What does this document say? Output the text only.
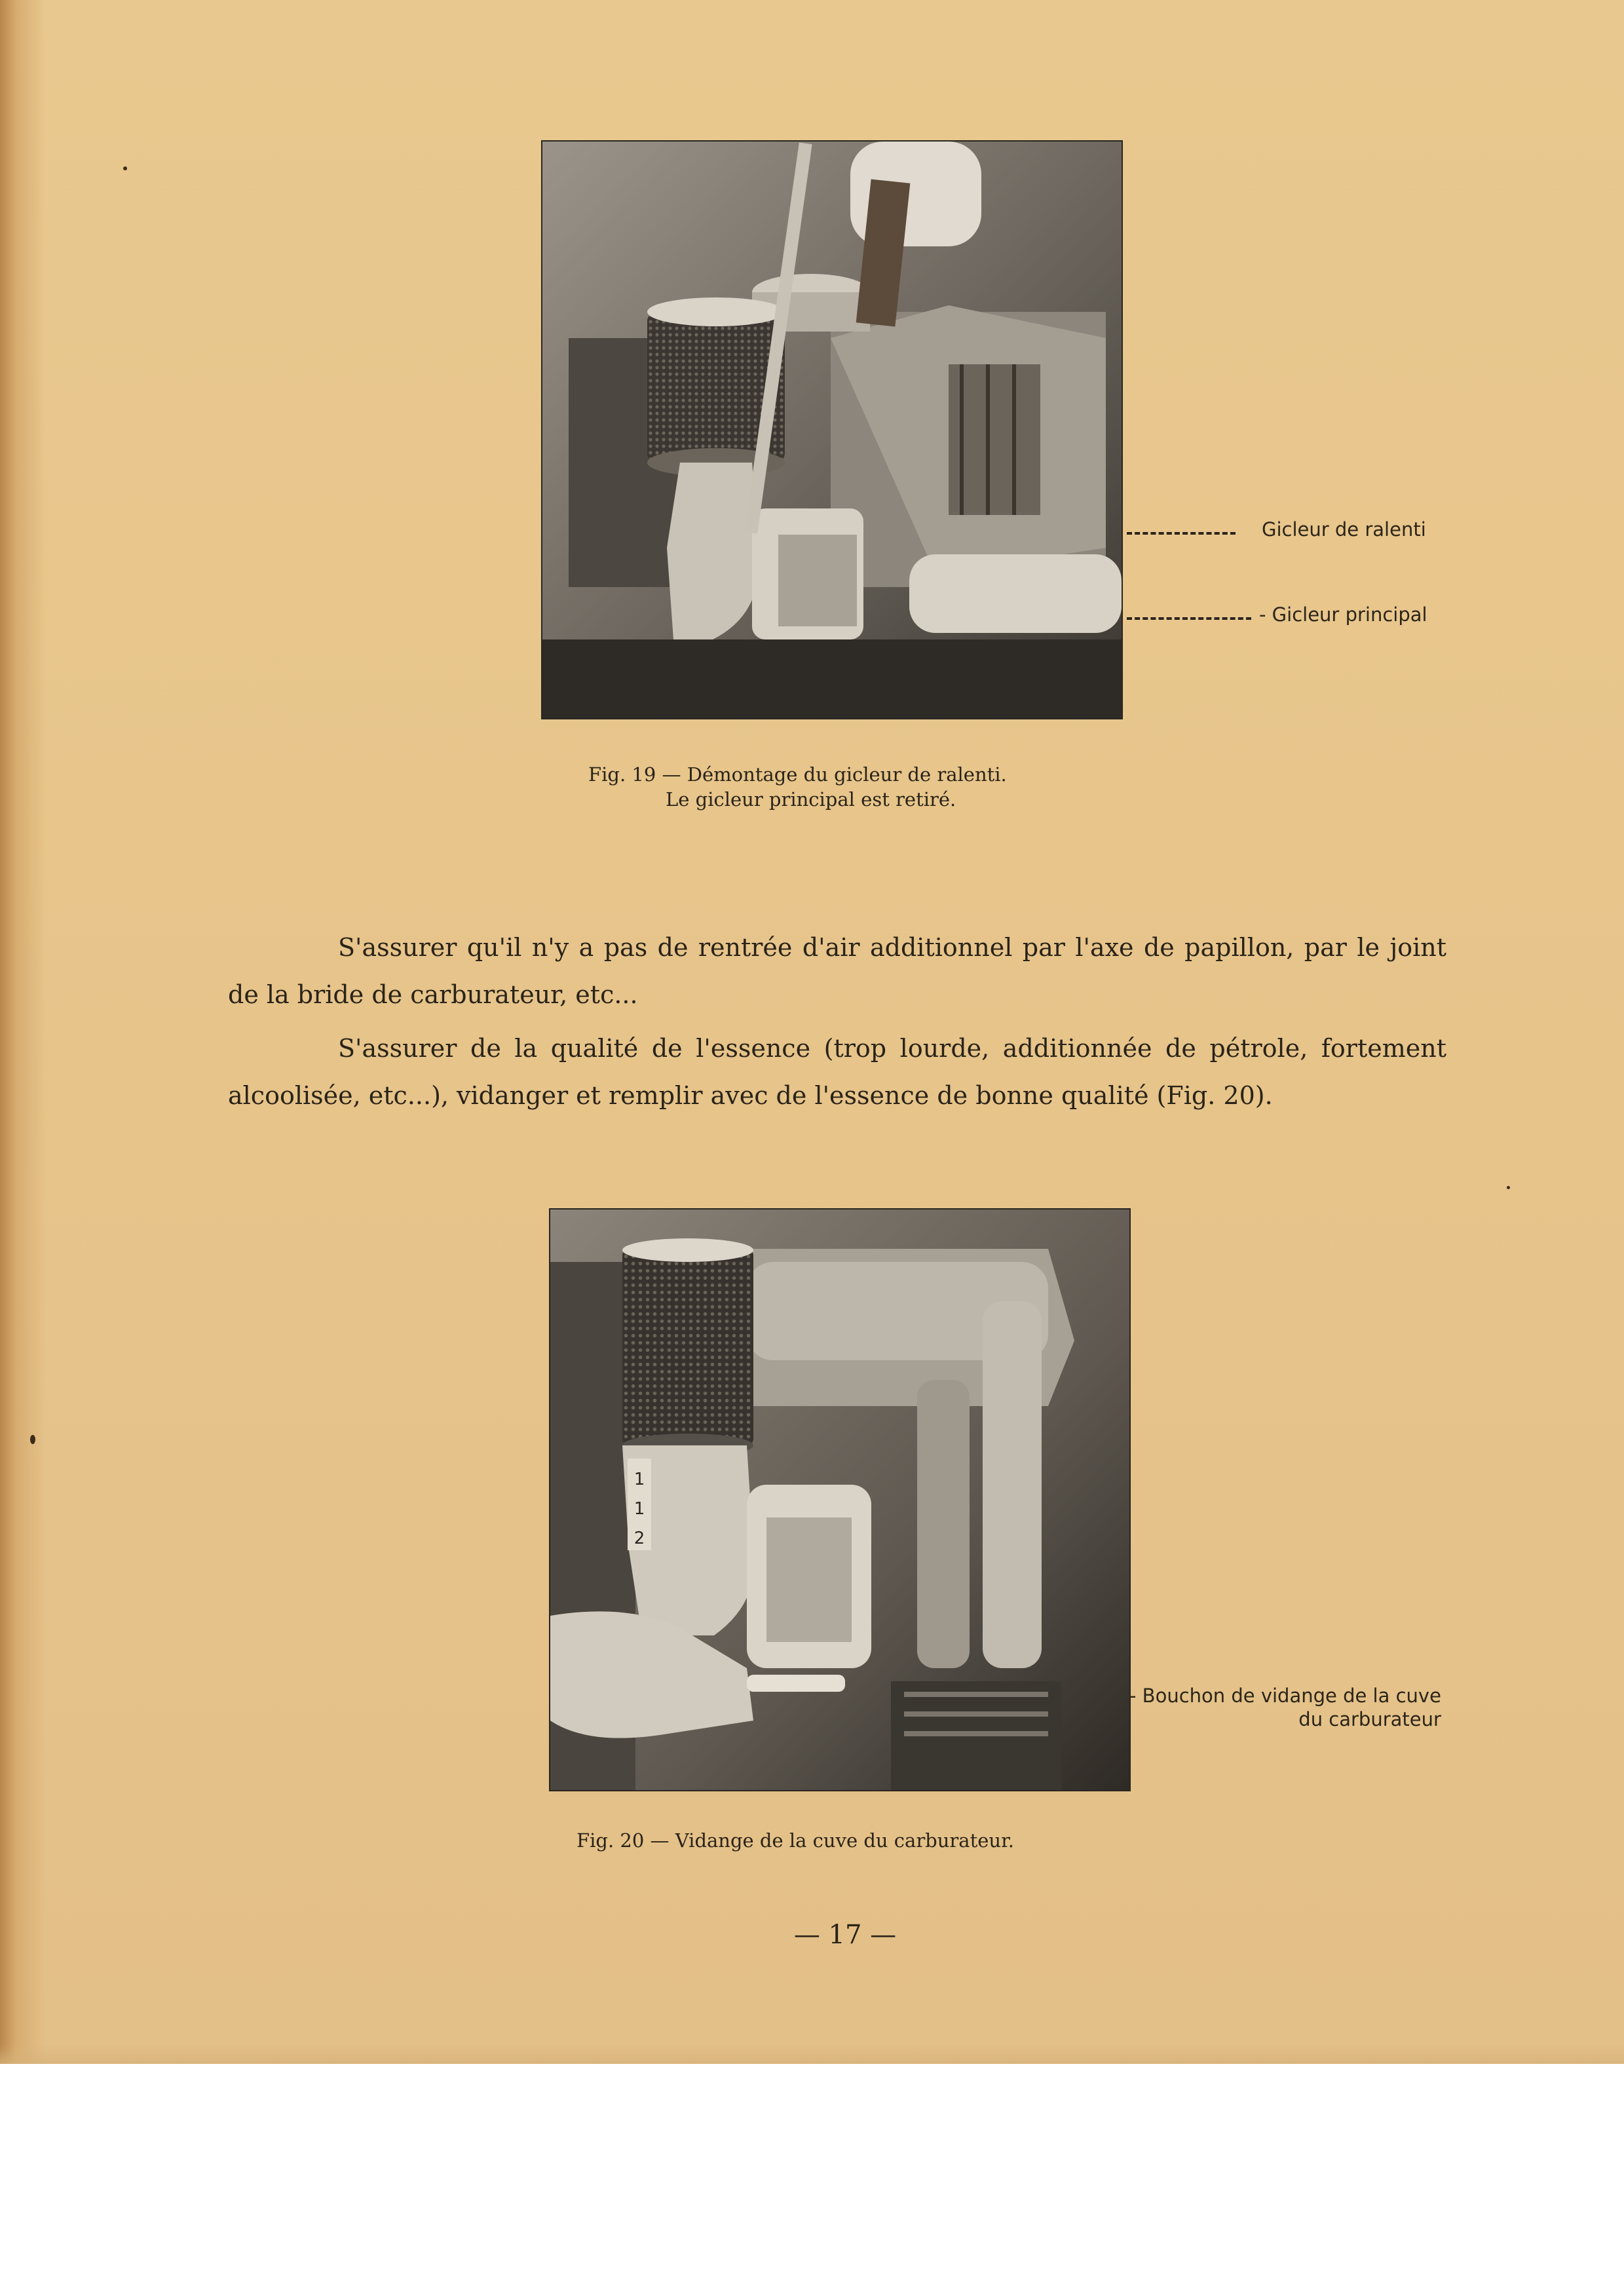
Gicleur de ralenti
- Gicleur principal
Fig. 19 — Démontage du gicleur de ralenti.
Le gicleur principal est retiré.

S'assurer qu'il n'y a pas de rentrée d'air additionnel par l'axe de papillon, par le joint de la bride de carburateur, etc...

S'assurer de la qualité de l'essence (trop lourde, additionnée de pétrole, fortement alcoolisée, etc...), vidanger et remplir avec de l'essence de bonne qualité (Fig. 20).

1
1
2
- Bouchon de vidange de la cuve
du carburateur
Fig. 20 — Vidange de la cuve du carburateur.
— 17 —
